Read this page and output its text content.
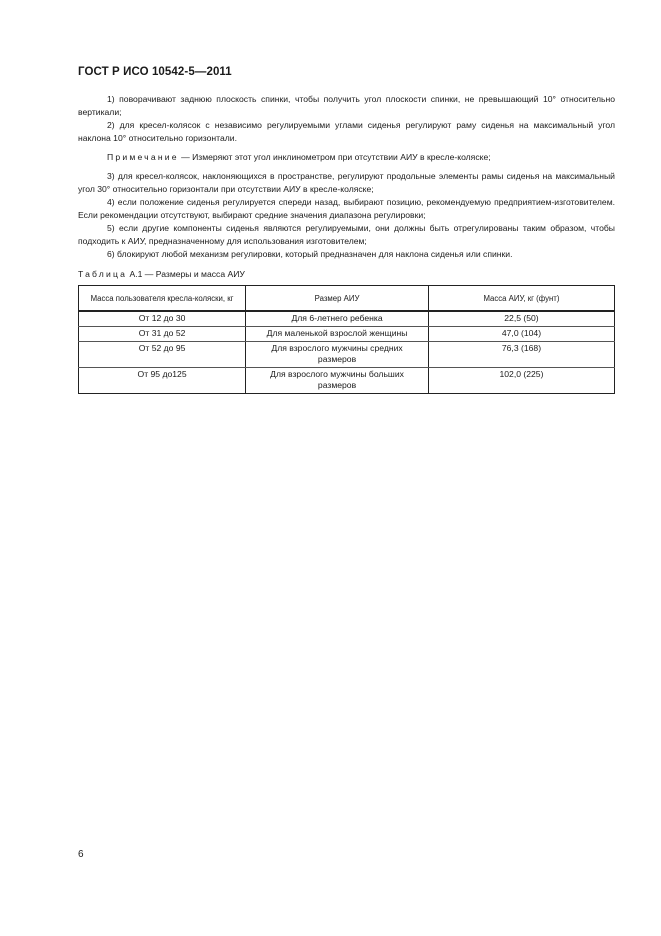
ГОСТ Р ИСО 10542-5—2011

1) поворачивают заднюю плоскость спинки, чтобы получить угол плоскости спинки, не превышающий 10° относительно вертикали;

2) для кресел-колясок с независимо регулируемыми углами сиденья регулируют раму сиденья на максимальный угол наклона 10° относительно горизонтали.

Примечание — Измеряют этот угол инклинометром при отсутствии АИУ в кресле-коляске;

3) для кресел-колясок, наклоняющихся в пространстве, регулируют продольные элементы рамы сиденья на максимальный угол 30° относительно горизонтали при отсутствии АИУ в кресле-коляске;

4) если положение сиденья регулируется спереди назад, выбирают позицию, рекомендуемую предприятием-изготовителем. Если рекомендации отсутствуют, выбирают средние значения диапазона регулировки;

5) если другие компоненты сиденья являются регулируемыми, они должны быть отрегулированы таким образом, чтобы подходить к АИУ, предназначенному для использования изготовителем;

6) блокируют любой механизм регулировки, который предназначен для наклона сиденья или спинки.

Таблица А.1 — Размеры и масса АИУ
Масса пользователя кресла-коляски, кг	Размер АИУ	Масса АИУ, кг (фунт)
От 12 до 30	Для 6-летнего ребенка	22,5 (50)
От 31 до 52	Для маленькой взрослой женщины	47,0 (104)
От 52 до 95	Для взрослого мужчины средних размеров	76,3 (168)
От 95 до125	Для взрослого мужчины больших размеров	102,0 (225)
6
